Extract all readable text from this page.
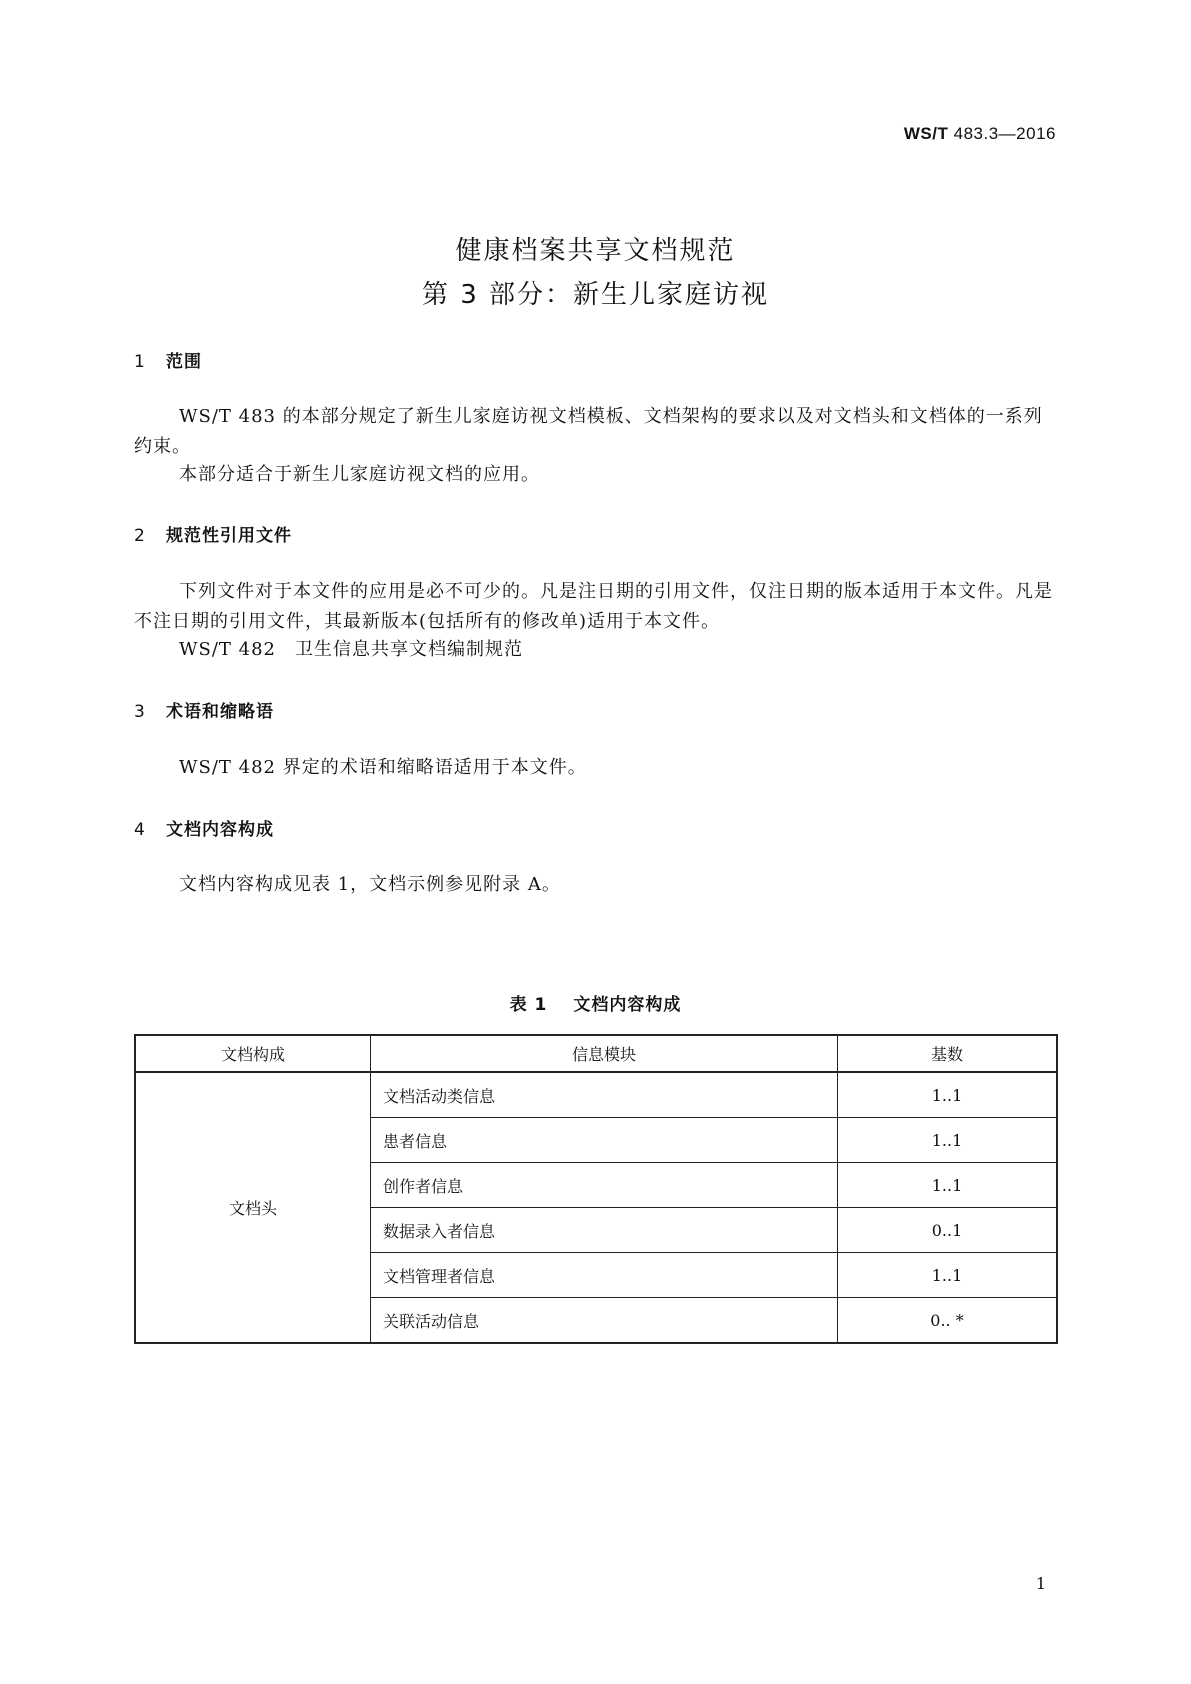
WS/T 483.3—2016
健康档案共享文档规范
第 3 部分：新生儿家庭访视
1 范围
WS/T 483 的本部分规定了新生儿家庭访视文档模板、文档架构的要求以及对文档头和文档体的一系列约束。
本部分适合于新生儿家庭访视文档的应用。
2 规范性引用文件
下列文件对于本文件的应用是必不可少的。凡是注日期的引用文件，仅注日期的版本适用于本文件。凡是不注日期的引用文件，其最新版本(包括所有的修改单)适用于本文件。
WS/T 482　卫生信息共享文档编制规范
3 术语和缩略语
WS/T 482 界定的术语和缩略语适用于本文件。
4 文档内容构成
文档内容构成见表 1，文档示例参见附录 A。
表 1 文档内容构成
文档构成	信息模块	基数
文档头	文档活动类信息	1..1
	患者信息	1..1
	创作者信息	1..1
	数据录入者信息	0..1
	文档管理者信息	1..1
	关联活动信息	0.. *
1
